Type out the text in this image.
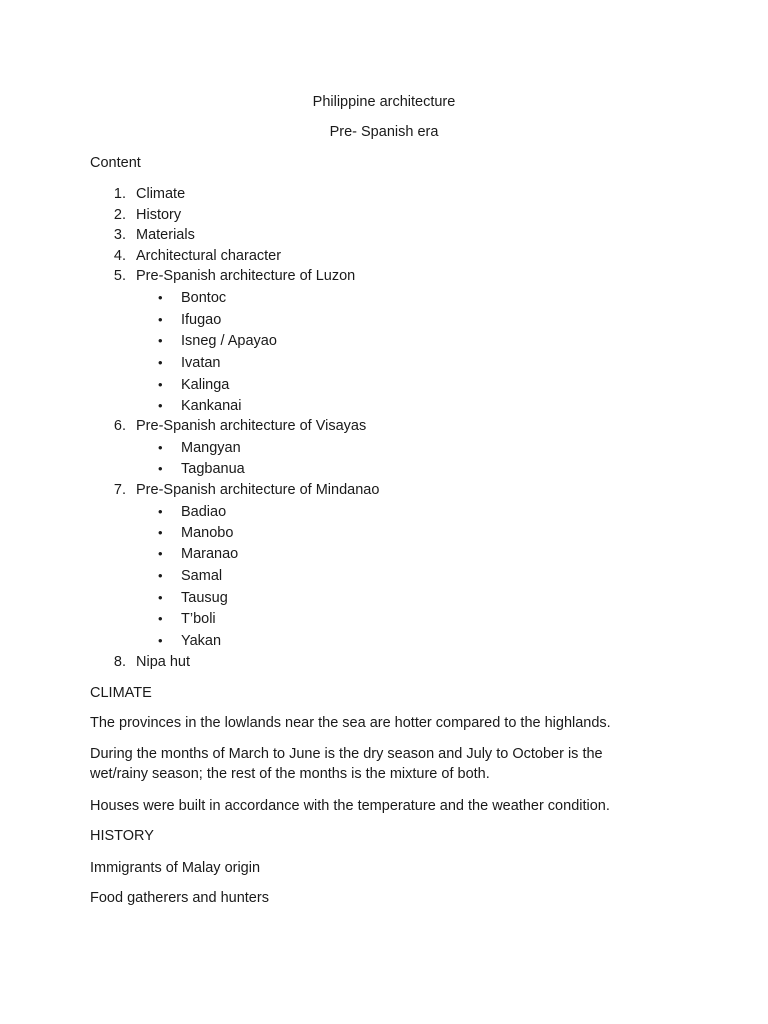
Philippine architecture
Pre- Spanish era
Content
1. Climate
2. History
3. Materials
4. Architectural character
5. Pre-Spanish architecture of Luzon
• Bontoc
• Ifugao
• Isneg / Apayao
• Ivatan
• Kalinga
• Kankanai
6. Pre-Spanish architecture of Visayas
• Mangyan
• Tagbanua
7. Pre-Spanish architecture of Mindanao
• Badiao
• Manobo
• Maranao
• Samal
• Tausug
• T’boli
• Yakan
8. Nipa hut
CLIMATE
The provinces in the lowlands near the sea are hotter compared to the highlands.
During the months of March to June is the dry season and July to October is the wet/rainy season; the rest of the months is the mixture of both.
Houses were built in accordance with the temperature and the weather condition.
HISTORY
Immigrants of Malay origin
Food gatherers and hunters
